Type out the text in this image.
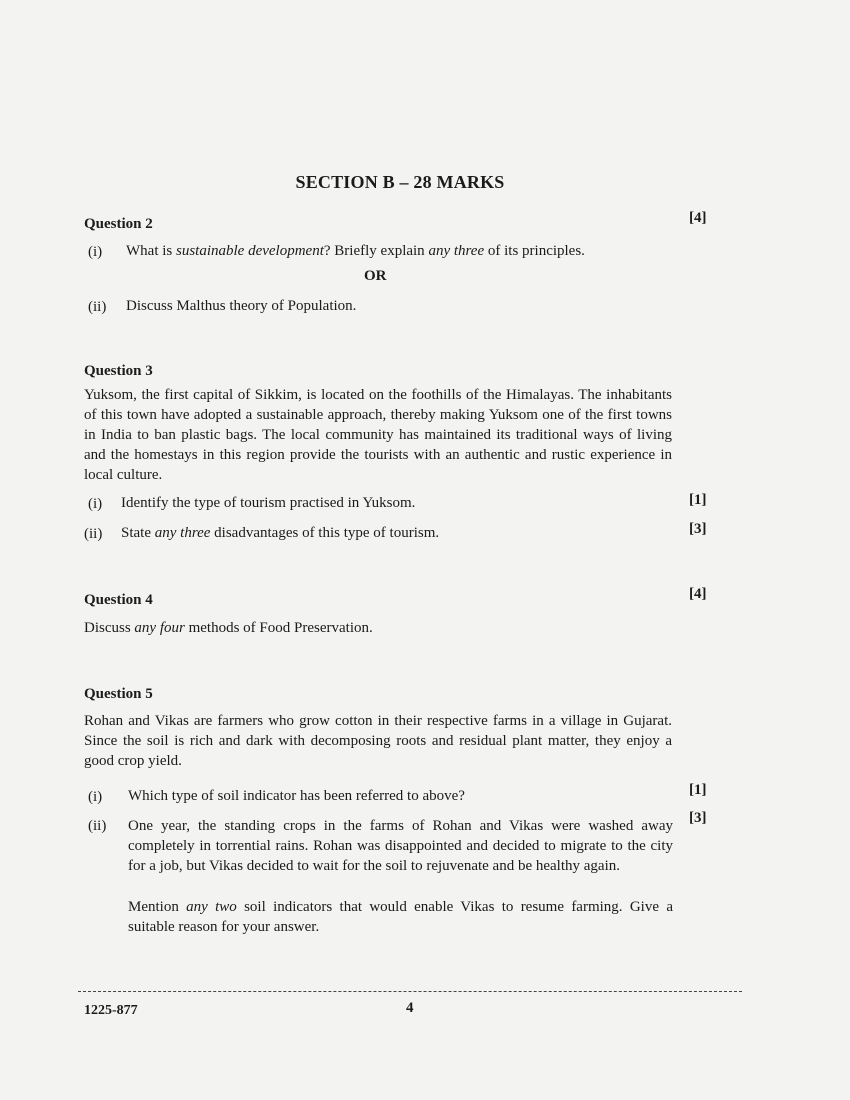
SECTION B – 28 MARKS
Question 2	[4]
(i) What is sustainable development? Briefly explain any three of its principles.
OR
(ii) Discuss Malthus theory of Population.
Question 3
Yuksom, the first capital of Sikkim, is located on the foothills of the Himalayas. The inhabitants of this town have adopted a sustainable approach, thereby making Yuksom one of the first towns in India to ban plastic bags. The local community has maintained its traditional ways of living and the homestays in this region provide the tourists with an authentic and rustic experience in local culture.
(i) Identify the type of tourism practised in Yuksom.	[1]
(ii) State any three disadvantages of this type of tourism.	[3]
Question 4	[4]
Discuss any four methods of Food Preservation.
Question 5
Rohan and Vikas are farmers who grow cotton in their respective farms in a village in Gujarat. Since the soil is rich and dark with decomposing roots and residual plant matter, they enjoy a good crop yield.
(i) Which type of soil indicator has been referred to above?	[1]
(ii) One year, the standing crops in the farms of Rohan and Vikas were washed away completely in torrential rains. Rohan was disappointed and decided to migrate to the city for a job, but Vikas decided to wait for the soil to rejuvenate and be healthy again.
[3]
Mention any two soil indicators that would enable Vikas to resume farming. Give a suitable reason for your answer.
1225-877	4
